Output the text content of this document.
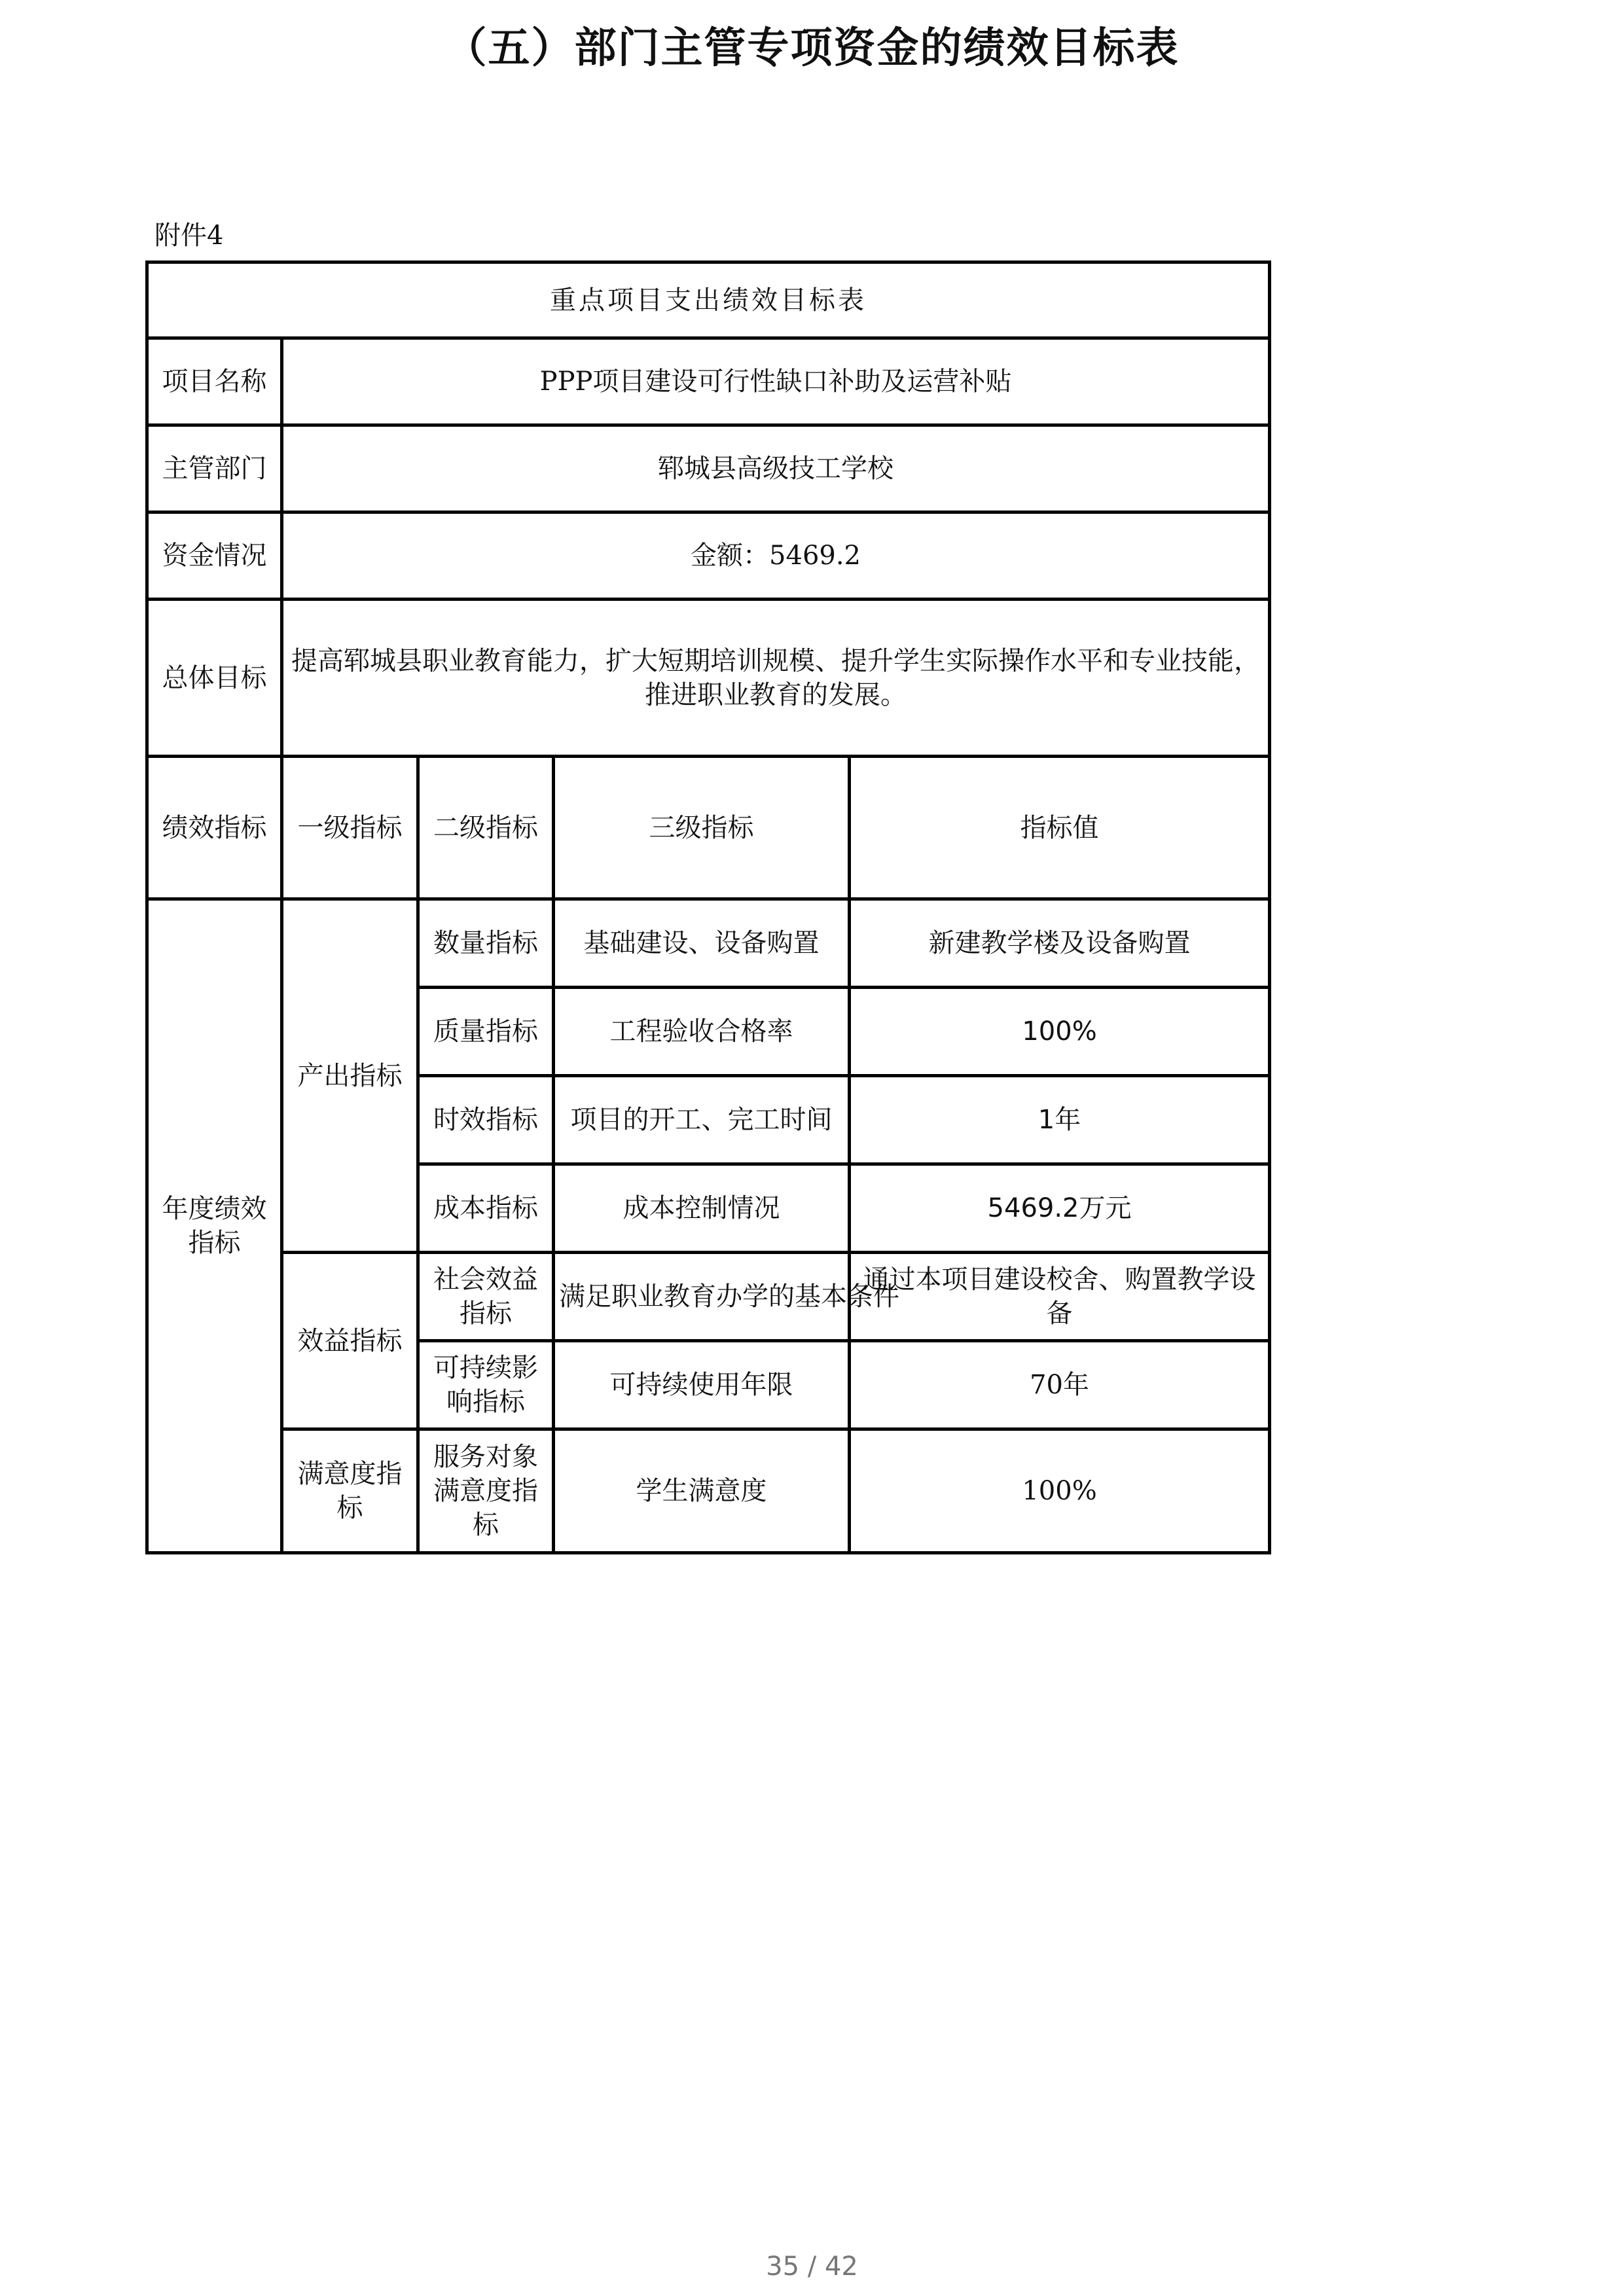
（五）部门主管专项资金的绩效目标表
附件4
重点项目支出绩效目标表				
项目名称	PPP项目建设可行性缺口补助及运营补贴			
主管部门	郓城县高级技工学校			
资金情况	金额：5469.2			
总体目标	提高郓城县职业教育能力，扩大短期培训规模、提升学生实际操作水平和专业技能，推进职业教育的发展。			
绩效指标	一级指标	二级指标	三级指标	指标值
年度绩效指标	产出指标	数量指标	基础建设、设备购置	新建教学楼及设备购置
		质量指标	工程验收合格率	100%
		时效指标	项目的开工、完工时间	1年
		成本指标	成本控制情况	5469.2万元
	效益指标	社会效益指标	满足职业教育办学的基本条件	通过本项目建设校舍、购置教学设备
		可持续影响指标	可持续使用年限	70年
	满意度指标	服务对象满意度指标	学生满意度	100%
35 / 42
